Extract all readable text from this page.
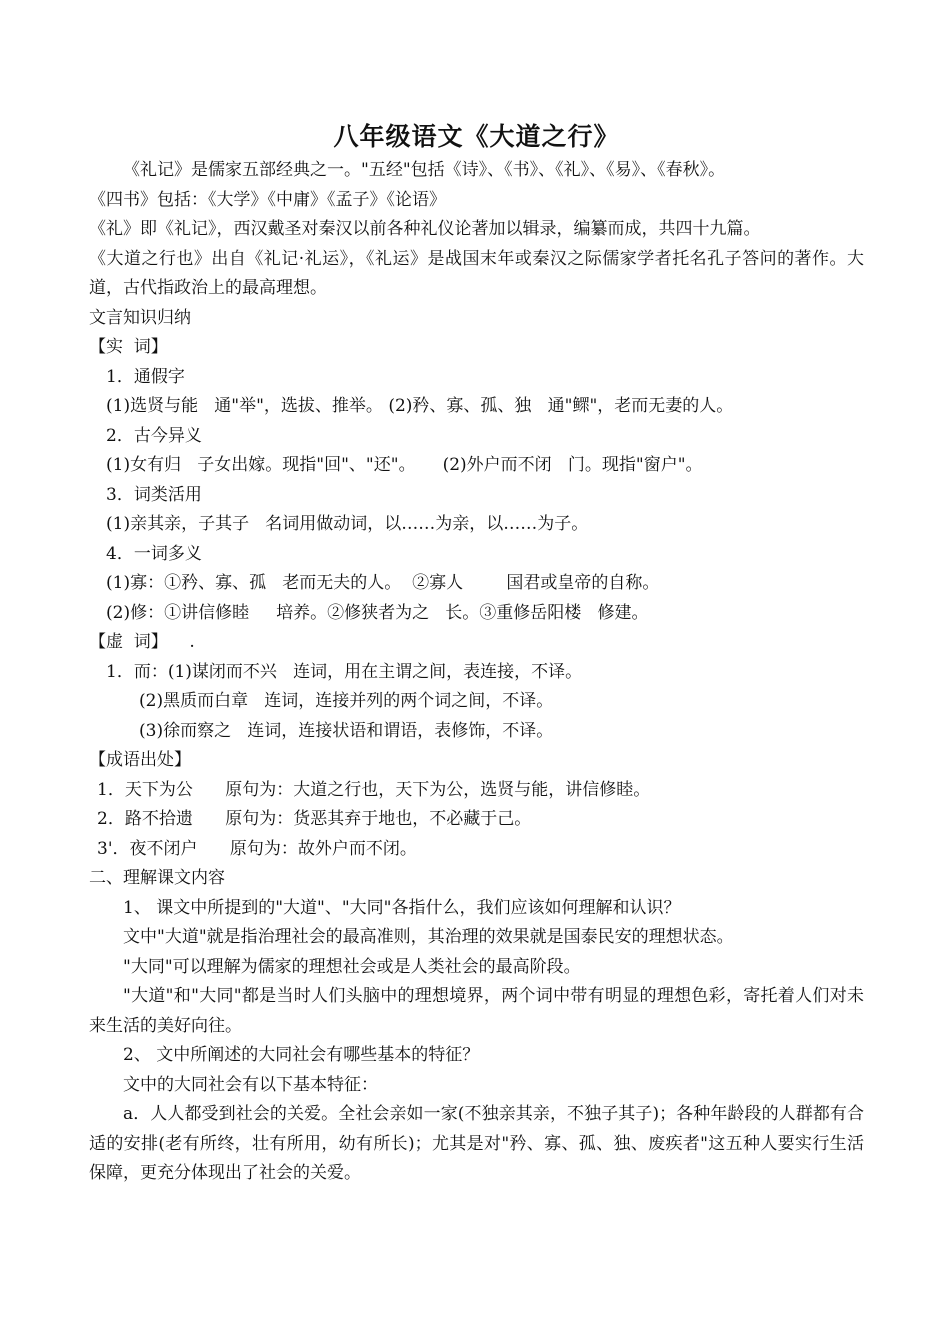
八年级语文《大道之行》

《礼记》是儒家五部经典之一。"五经"包括《诗》、《书》、《礼》、《易》、《春秋》。

《四书》包括：《大学》《中庸》《孟子》《论语》

《礼》即《礼记》，西汉戴圣对秦汉以前各种礼仪论著加以辑录，编纂而成，共四十九篇。

《大道之行也》出自《礼记·礼运》，《礼运》是战国末年或秦汉之际儒家学者托名孔子答问的著作。大道，古代指政治上的最高理想。

文言知识归纳

【实  词】

1．通假字

(1)选贤与能   通"举"，选拔、推举。 (2)矜、寡、孤、独   通"鳏"，老而无妻的人。

2．古今异义

(1)女有归   子女出嫁。现指"回"、"还"。     (2)外户而不闭   门。现指"窗户"。

3．词类活用

(1)亲其亲，子其子   名词用做动词，以……为亲，以……为子。

4．一词多义

(1)寡：①矜、寡、孤   老而无夫的人。  ②寡人        国君或皇帝的自称。

(2)修：①讲信修睦     培养。②修狭者为之   长。③重修岳阳楼   修建。

【虚  词】    .

1．而：(1)谋闭而不兴   连词，用在主谓之间，表连接，不译。

(2)黑质而白章   连词，连接并列的两个词之间，不译。

(3)徐而察之   连词，连接状语和谓语，表修饰，不译。

【成语出处】

1．天下为公      原句为：大道之行也，天下为公，选贤与能，讲信修睦。

2．路不拾遗      原句为：货恶其弃于地也，不必藏于己。

3'．夜不闭户      原句为：故外户而不闭。

二、理解课文内容

1、 课文中所提到的"大道"、"大同"各指什么，我们应该如何理解和认识？

文中"大道"就是指治理社会的最高准则，其治理的效果就是国泰民安的理想状态。

"大同"可以理解为儒家的理想社会或是人类社会的最高阶段。

"大道"和"大同"都是当时人们头脑中的理想境界，两个词中带有明显的理想色彩，寄托着人们对未来生活的美好向往。

2、 文中所阐述的大同社会有哪些基本的特征？

文中的大同社会有以下基本特征：

a．人人都受到社会的关爱。全社会亲如一家(不独亲其亲，不独子其子)；各种年龄段的人群都有合适的安排(老有所终，壮有所用，幼有所长)；尤其是对"矜、寡、孤、独、废疾者"这五种人要实行生活保障，更充分体现出了社会的关爱。
